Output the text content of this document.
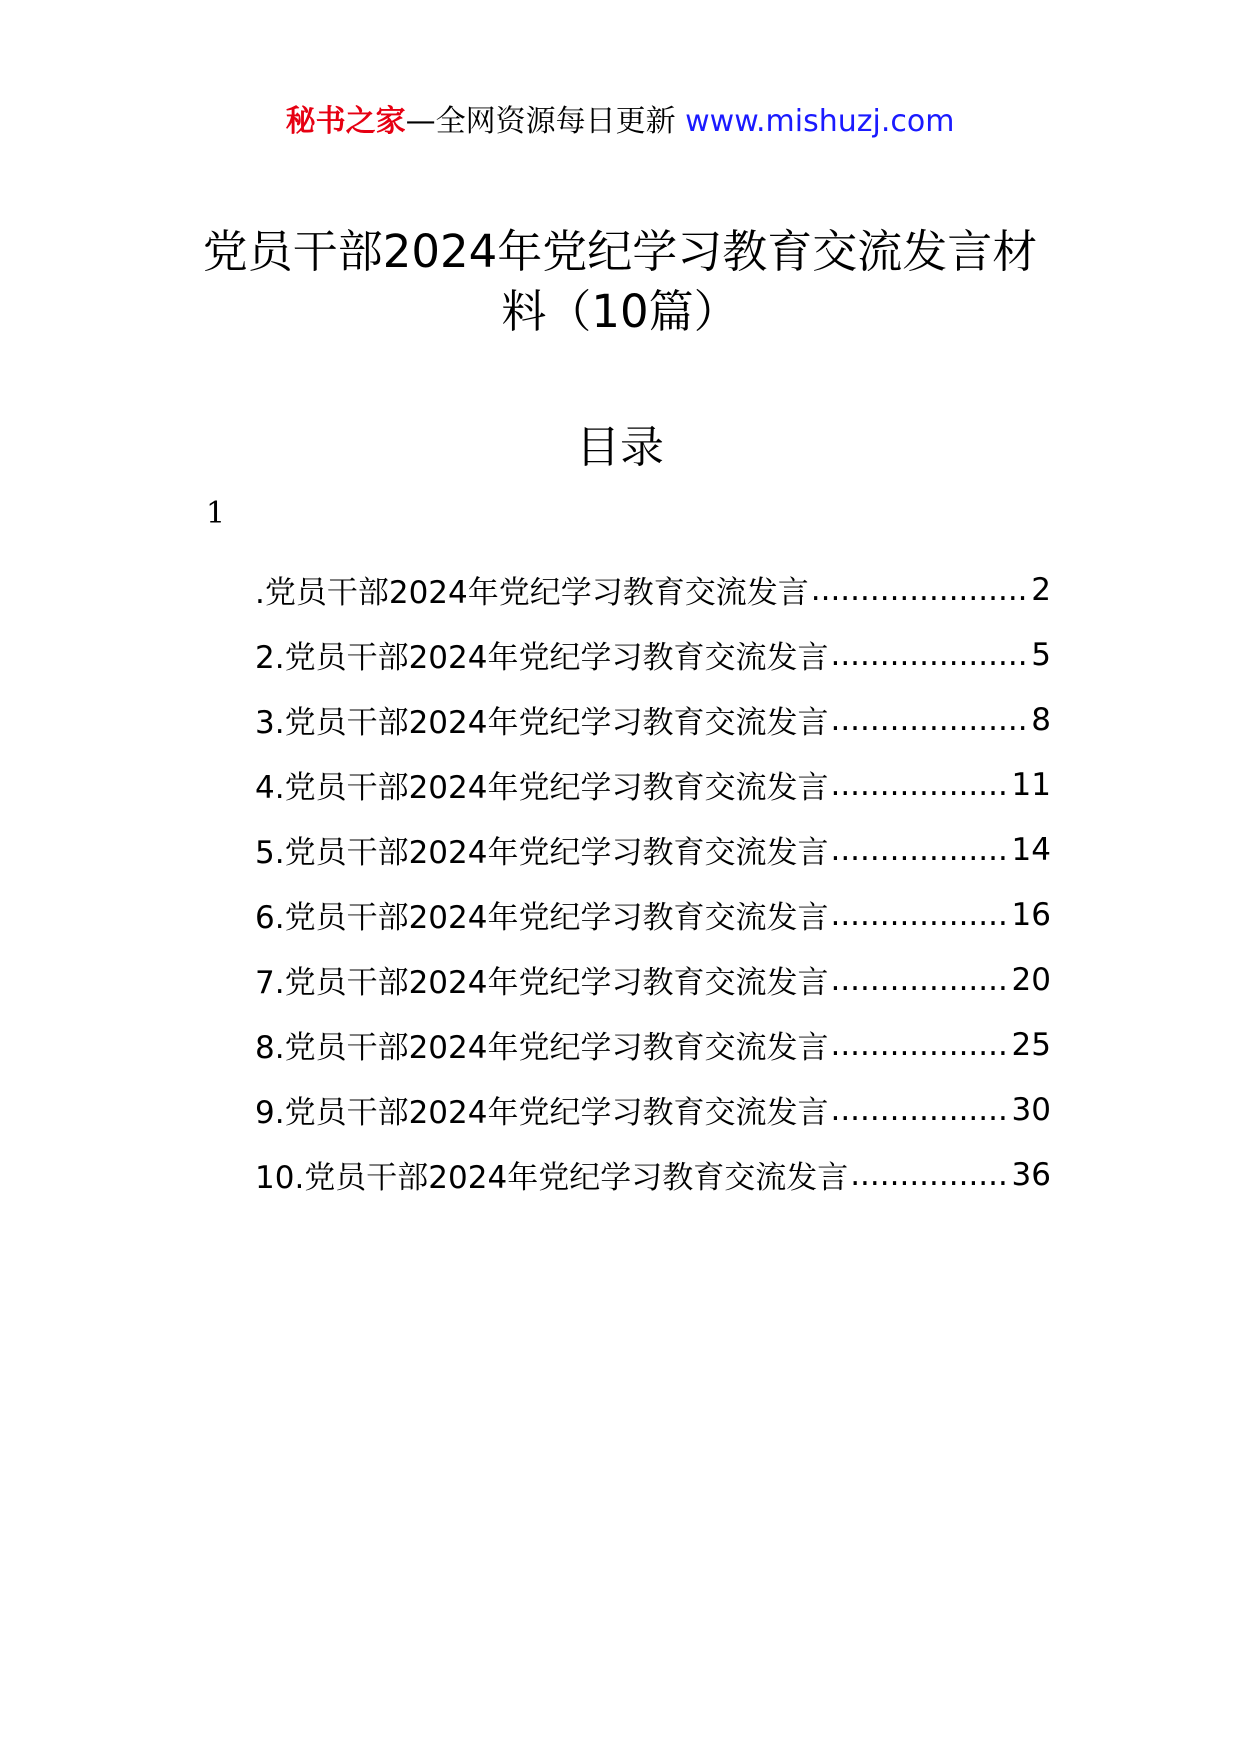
秘书之家—全网资源每日更新 www.mishuzj.com
党员干部2024年党纪学习教育交流发言材
料（10篇）
目录
1
.党员干部2024年党纪学习教育交流发言 .....	2
2.党员干部2024年党纪学习教育交流发言 .....	5
3.党员干部2024年党纪学习教育交流发言 .....	8
4.党员干部2024年党纪学习教育交流发言 .....	11
5.党员干部2024年党纪学习教育交流发言 .....	14
6.党员干部2024年党纪学习教育交流发言 .....	16
7.党员干部2024年党纪学习教育交流发言 .....	20
8.党员干部2024年党纪学习教育交流发言 .....	25
9.党员干部2024年党纪学习教育交流发言 .....	30
10.党员干部2024年党纪学习教育交流发言 .....	36
